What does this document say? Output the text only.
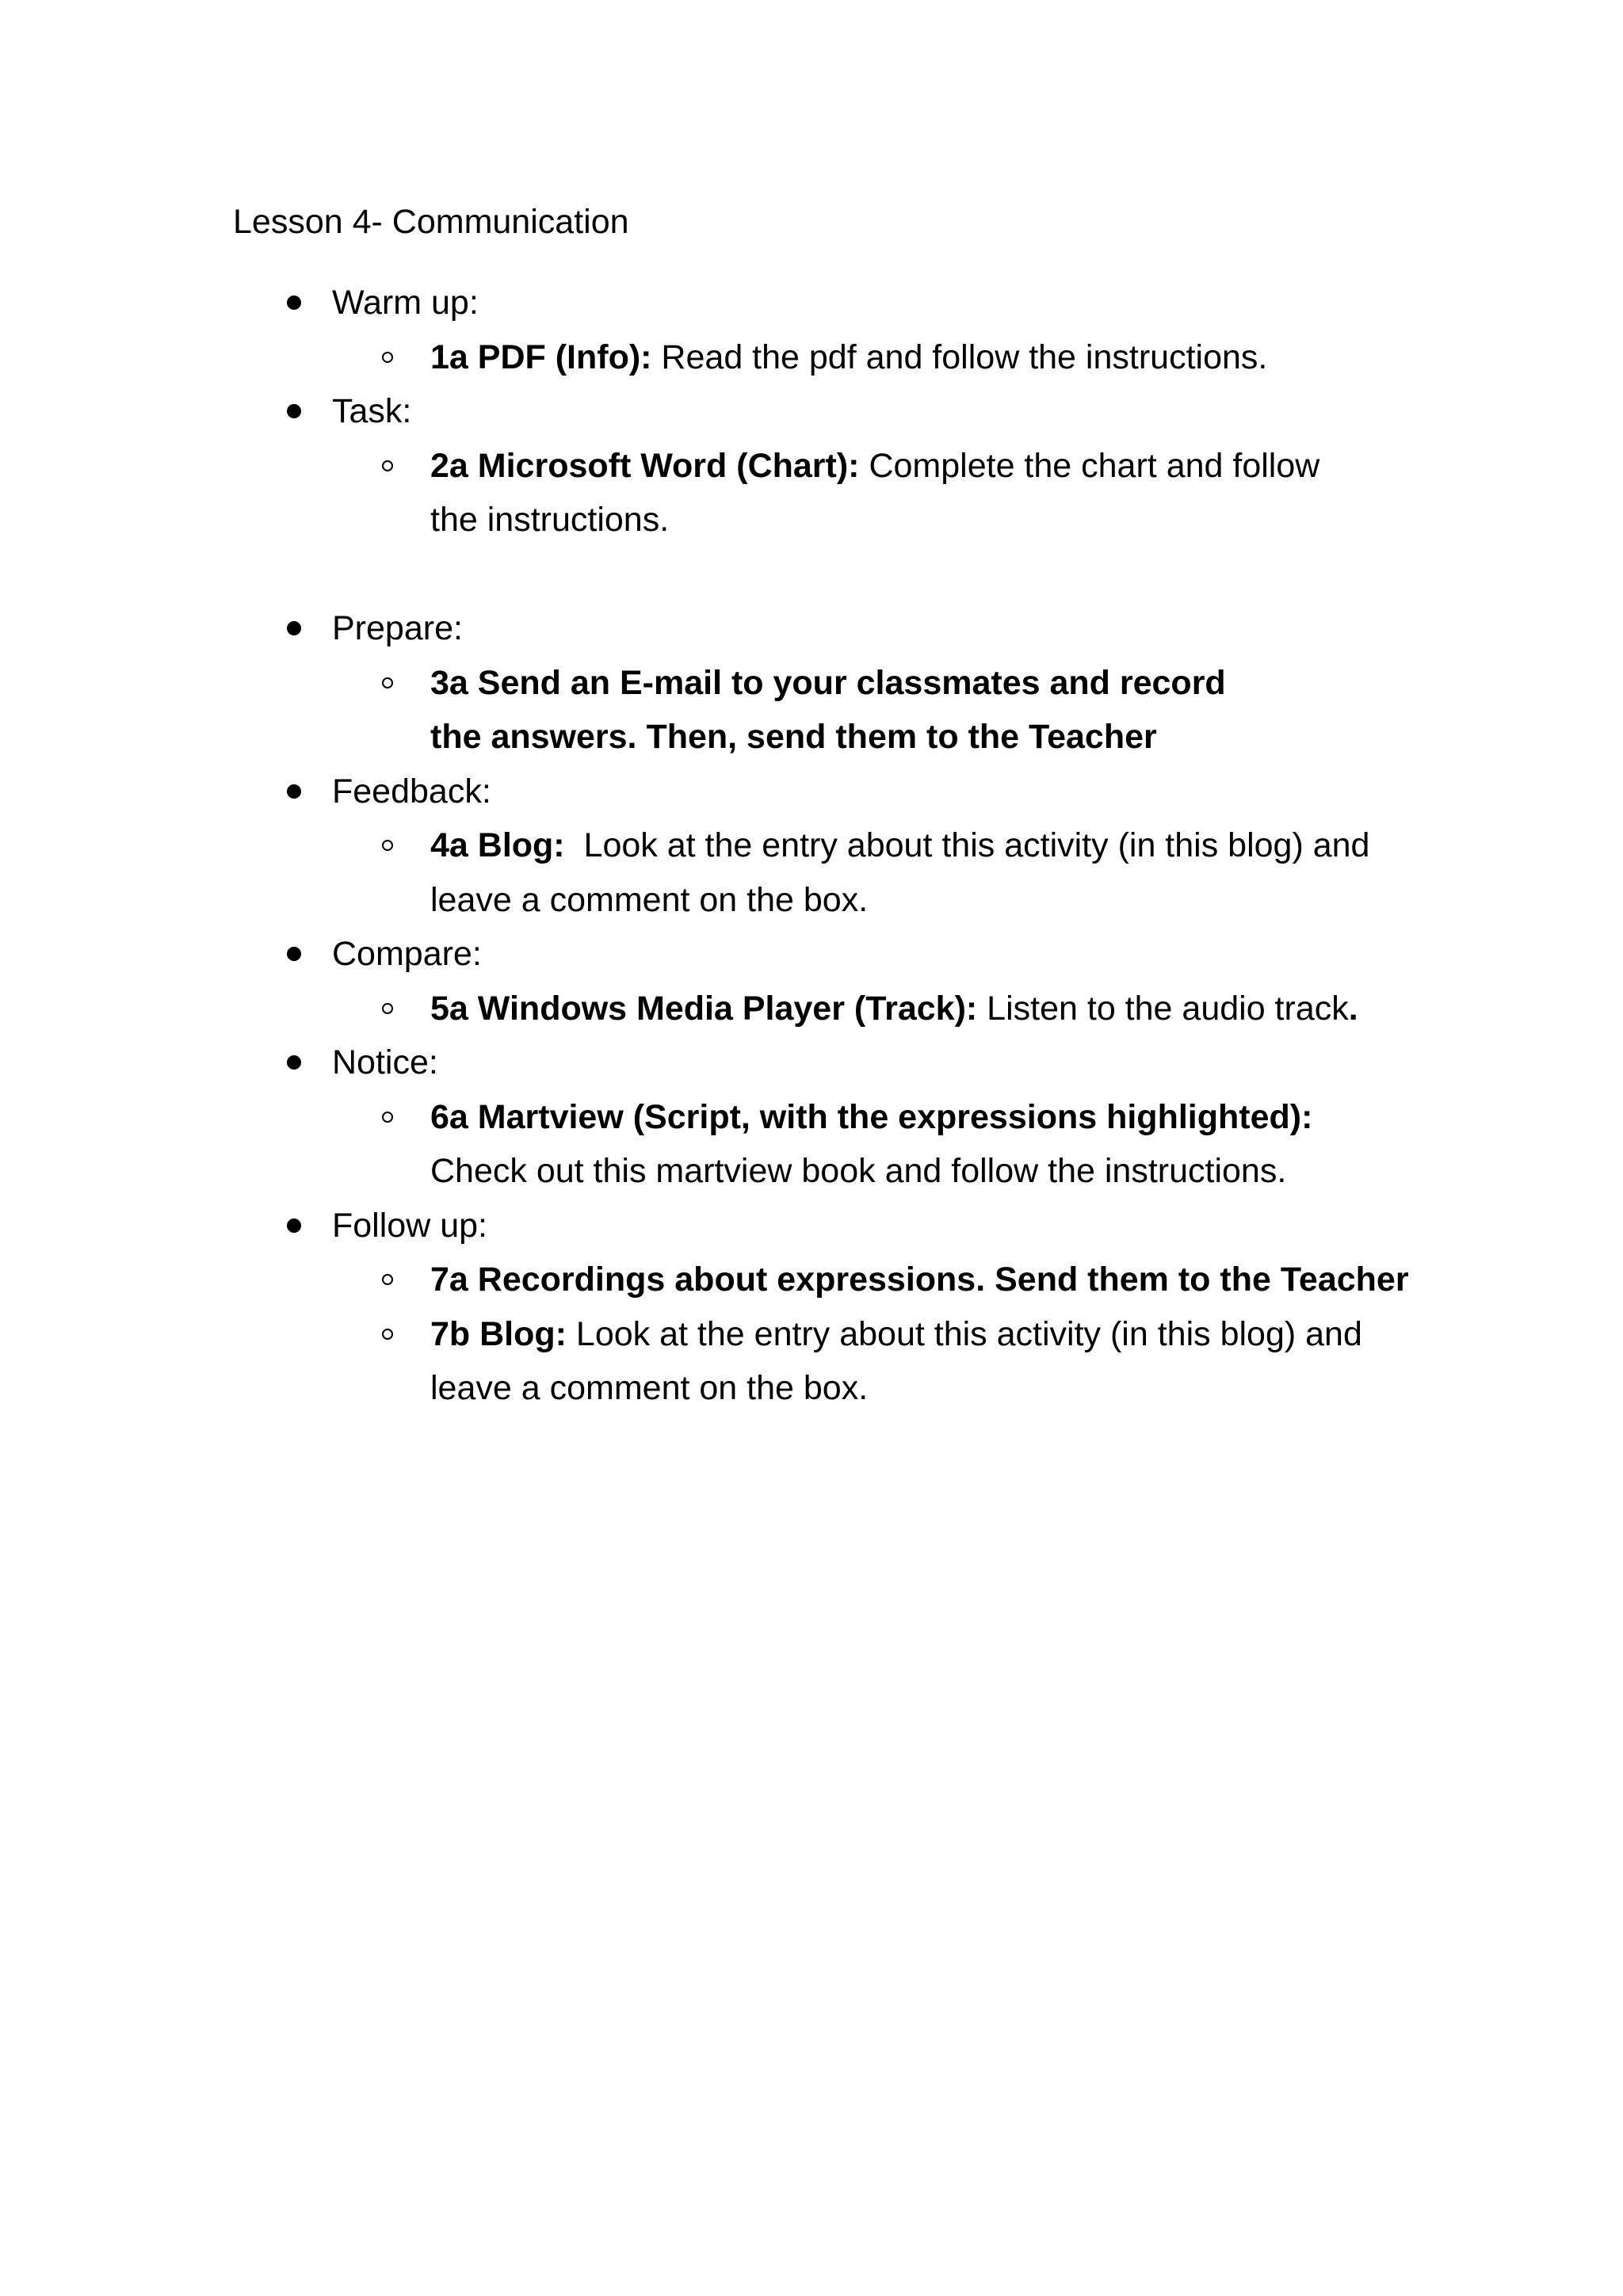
Lesson 4- Communication
Warm up:
1a PDF (Info): Read the pdf and follow the instructions.
Task:
2a Microsoft Word (Chart): Complete the chart and follow the instructions.
Prepare:
3a Send an E-mail to your classmates and record the answers. Then, send them to the Teacher
Feedback:
4a Blog:  Look at the entry about this activity (in this blog) and leave a comment on the box.
Compare:
5a Windows Media Player (Track): Listen to the audio track.
Notice:
6a Martview (Script, with the expressions highlighted): Check out this martview book and follow the instructions.
Follow up:
7a Recordings about expressions. Send them to the Teacher
7b Blog: Look at the entry about this activity (in this blog) and leave a comment on the box.
